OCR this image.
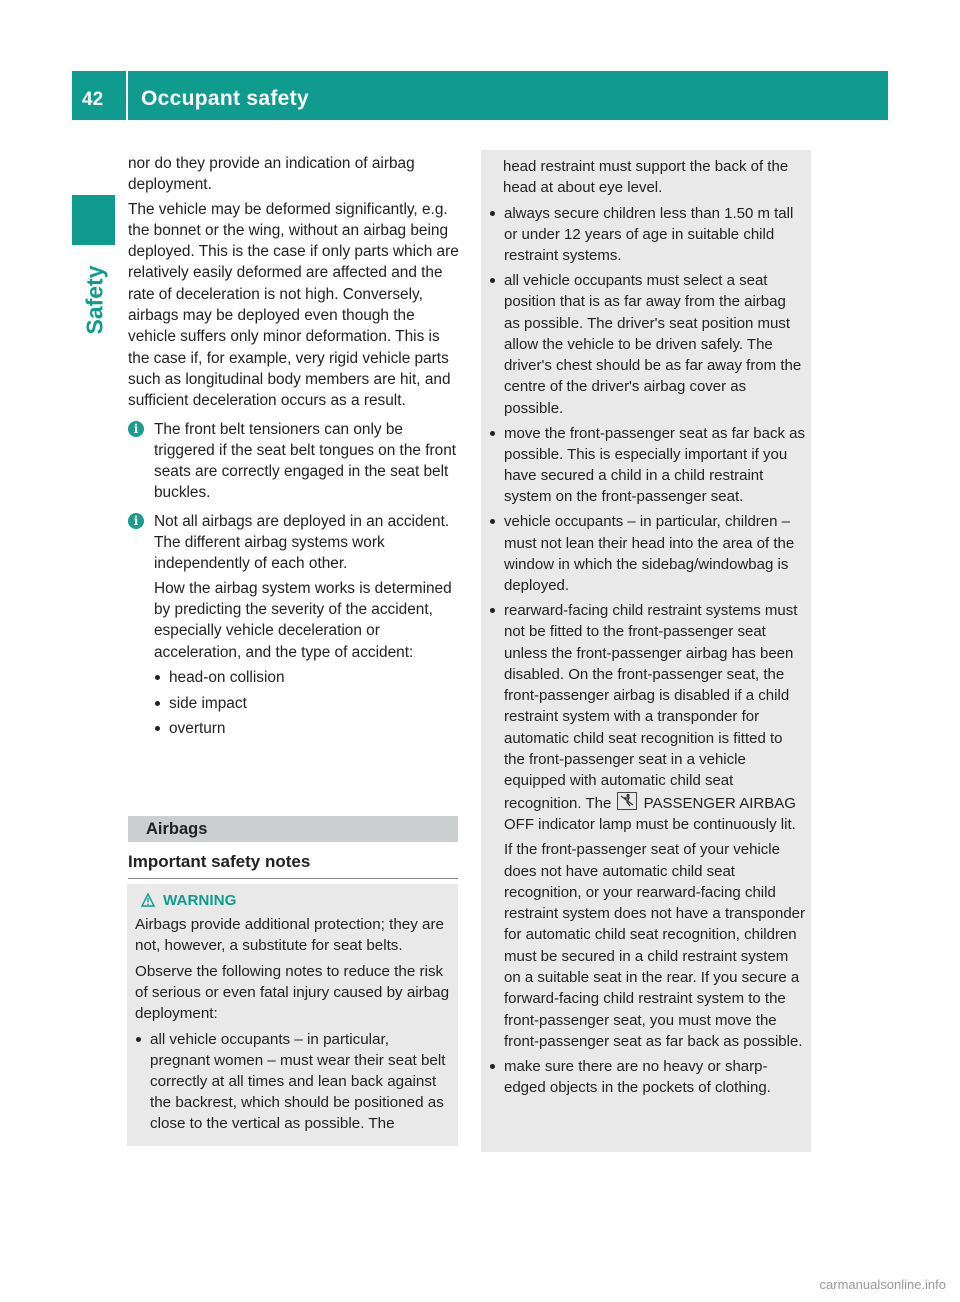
42 Occupant safety
Safety

nor do they provide an indication of airbag deployment.

The vehicle may be deformed significantly, e.g. the bonnet or the wing, without an airbag being deployed. This is the case if only parts which are relatively easily deformed are affected and the rate of deceleration is not high. Conversely, airbags may be deployed even though the vehicle suffers only minor deformation. This is the case if, for example, very rigid vehicle parts such as longitudinal body members are hit, and sufficient deceleration occurs as a result.

i	The front belt tensioners can only be triggered if the seat belt tongues on the front seats are correctly engaged in the seat belt buckles.

i	Not all airbags are deployed in an accident. The different airbag systems work independently of each other.

How the airbag system works is determined by predicting the severity of the accident, especially vehicle deceleration or acceleration, and the type of accident:

head-on collision
side impact
overturn
Airbags
Important safety notes
WARNING

Airbags provide additional protection; they are not, however, a substitute for seat belts.

Observe the following notes to reduce the risk of serious or even fatal injury caused by airbag deployment:

all vehicle occupants – in particular, pregnant women – must wear their seat belt correctly at all times and lean back against the backrest, which should be positioned as close to the vertical as possible. The

head restraint must support the back of the head at about eye level.

always secure children less than 1.50 m tall or under 12 years of age in suitable child restraint systems.
all vehicle occupants must select a seat position that is as far away from the airbag as possible. The driver's seat position must allow the vehicle to be driven safely. The driver's chest should be as far away from the centre of the driver's airbag cover as possible.
move the front-passenger seat as far back as possible. This is especially important if you have secured a child in a child restraint system on the front-passenger seat.
vehicle occupants – in particular, children – must not lean their head into the area of the window in which the sidebag/windowbag is deployed.
rearward-facing child restraint systems must not be fitted to the front-passenger seat unless the front-passenger airbag has been disabled. On the front-passenger seat, the front-passenger airbag is disabled if a child restraint system with a transponder for automatic child seat recognition is fitted to the front-passenger seat in a vehicle equipped with automatic child seat recognition. The PASSENGER AIRBAG OFF indicator lamp must be continuously lit.

If the front-passenger seat of your vehicle does not have automatic child seat recognition, or your rearward-facing child restraint system does not have a transponder for automatic child seat recognition, children must be secured in a child restraint system on a suitable seat in the rear. If you secure a forward-facing child restraint system to the front-passenger seat, you must move the front-passenger seat as far back as possible.

make sure there are no heavy or sharp-edged objects in the pockets of clothing.
carmanualsonline.info
